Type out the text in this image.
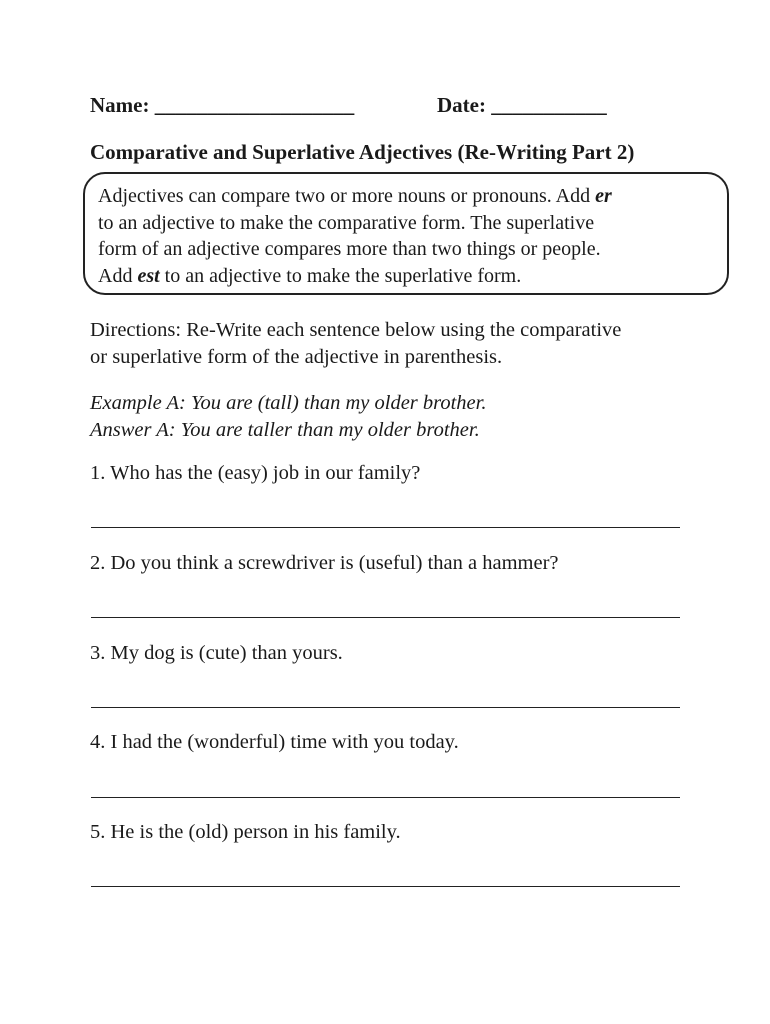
Name: ___________________	Date: ___________
Comparative and Superlative Adjectives (Re-Writing Part 2)
Adjectives can compare two or more nouns or pronouns. Add er
to an adjective to make the comparative form. The superlative
form of an adjective compares more than two things or people.
Add est to an adjective to make the superlative form.
Directions: Re-Write each sentence below using the comparative
or superlative form of the adjective in parenthesis.
Example A: You are (tall) than my older brother.
Answer A: You are taller than my older brother.
1. Who has the (easy) job in our family?
2. Do you think a screwdriver is (useful) than a hammer?
3. My dog is (cute) than yours.
4. I had the (wonderful) time with you today.
5. He is the (old) person in his family.
